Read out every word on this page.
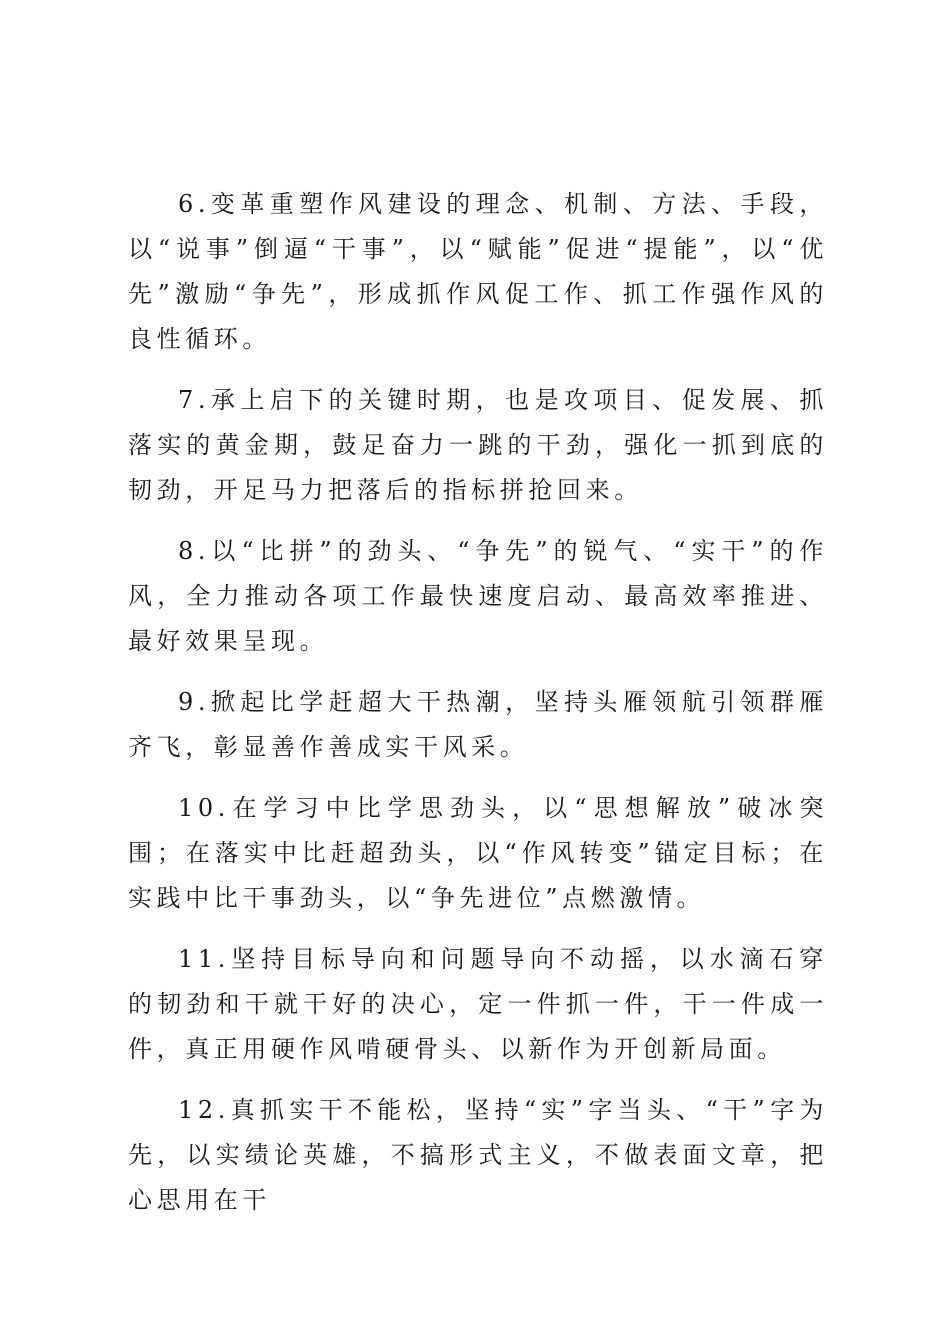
6.变革重塑作风建设的理念、机制、方法、手段，以“说事”倒逼“干事”，以“赋能”促进“提能”，以“优先”激励“争先”，形成抓作风促工作、抓工作强作风的良性循环。

7.承上启下的关键时期，也是攻项目、促发展、抓落实的黄金期，鼓足奋力一跳的干劲，强化一抓到底的韧劲，开足马力把落后的指标拼抢回来。

8.以“比拼”的劲头、“争先”的锐气、“实干”的作风，全力推动各项工作最快速度启动、最高效率推进、最好效果呈现。

9.掀起比学赶超大干热潮，坚持头雁领航引领群雁齐飞，彰显善作善成实干风采。

10.在学习中比学思劲头，以“思想解放”破冰突围；在落实中比赶超劲头，以“作风转变”锚定目标；在实践中比干事劲头，以“争先进位”点燃激情。

11.坚持目标导向和问题导向不动摇，以水滴石穿的韧劲和干就干好的决心，定一件抓一件，干一件成一件，真正用硬作风啃硬骨头、以新作为开创新局面。

12.真抓实干不能松，坚持“实”字当头、“干”字为先，以实绩论英雄，不搞形式主义，不做表面文章，把心思用在干
